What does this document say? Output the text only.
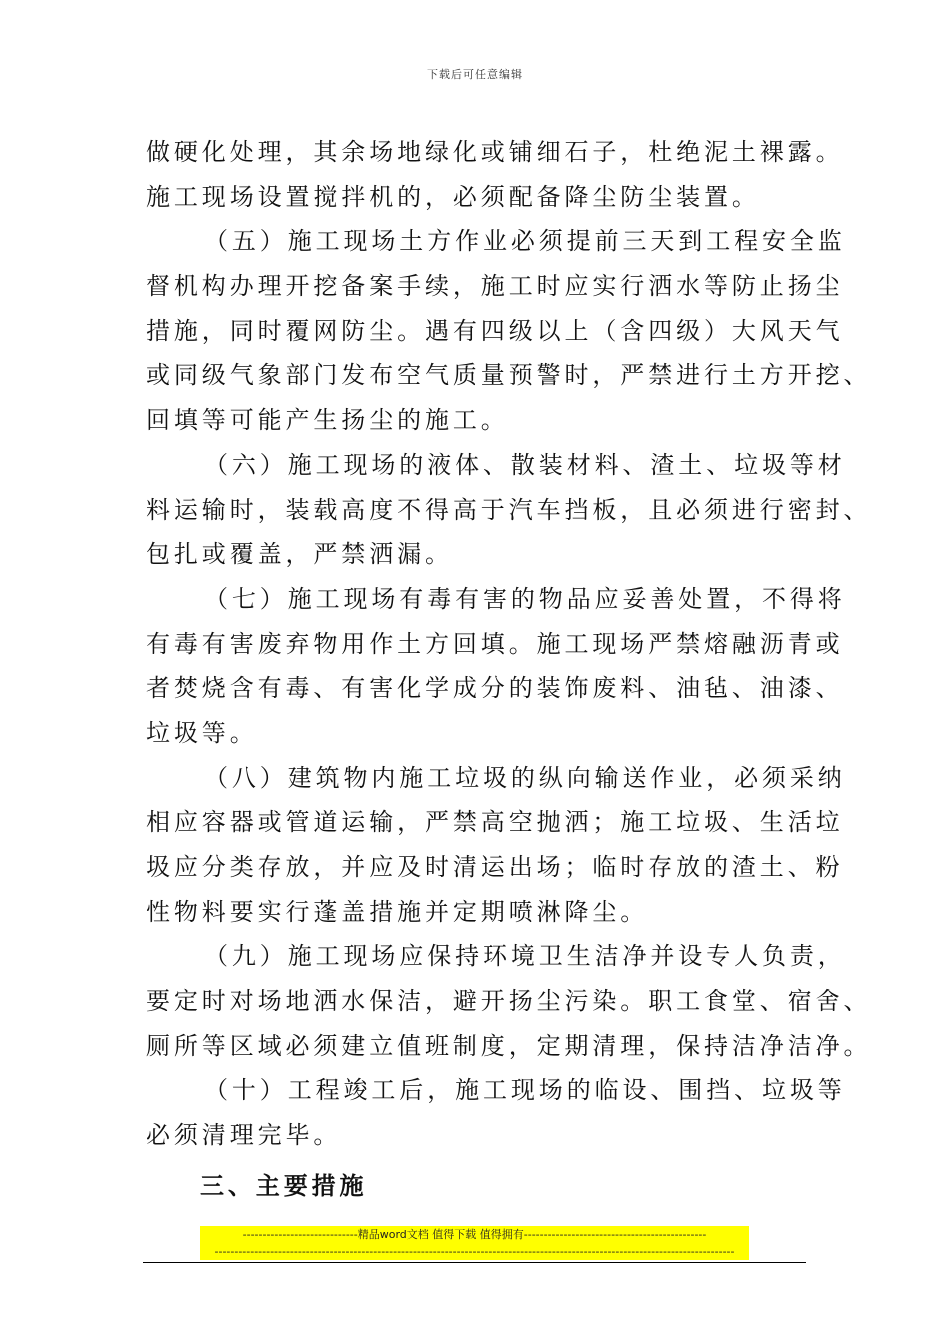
下载后可任意编辑
做硬化处理，其余场地绿化或铺细石子，杜绝泥土裸露。
施工现场设置搅拌机的，必须配备降尘防尘装置。
（五）施工现场土方作业必须提前三天到工程安全监
督机构办理开挖备案手续，施工时应实行洒水等防止扬尘
措施，同时覆网防尘。遇有四级以上（含四级）大风天气
或同级气象部门发布空气质量预警时，严禁进行土方开挖、
回填等可能产生扬尘的施工。
（六）施工现场的液体、散装材料、渣土、垃圾等材
料运输时，装载高度不得高于汽车挡板，且必须进行密封、
包扎或覆盖，严禁洒漏。
（七）施工现场有毒有害的物品应妥善处置，不得将
有毒有害废弃物用作土方回填。施工现场严禁熔融沥青或
者焚烧含有毒、有害化学成分的装饰废料、油毡、油漆、
垃圾等。
（八）建筑物内施工垃圾的纵向输送作业，必须采纳
相应容器或管道运输，严禁高空抛洒；施工垃圾、生活垃
圾应分类存放，并应及时清运出场；临时存放的渣土、粉
性物料要实行蓬盖措施并定期喷淋降尘。
（九）施工现场应保持环境卫生洁净并设专人负责，
要定时对场地洒水保洁，避开扬尘污染。职工食堂、宿舍、
厕所等区域必须建立值班制度，定期清理，保持洁净洁净。
（十）工程竣工后，施工现场的临设、围挡、垃圾等
必须清理完毕。
三、主要措施
-----------------------------精品word文档 值得下载 值得拥有----------------------------------------------
-----------------------------------------------------------------------------------------------------------------------------------
